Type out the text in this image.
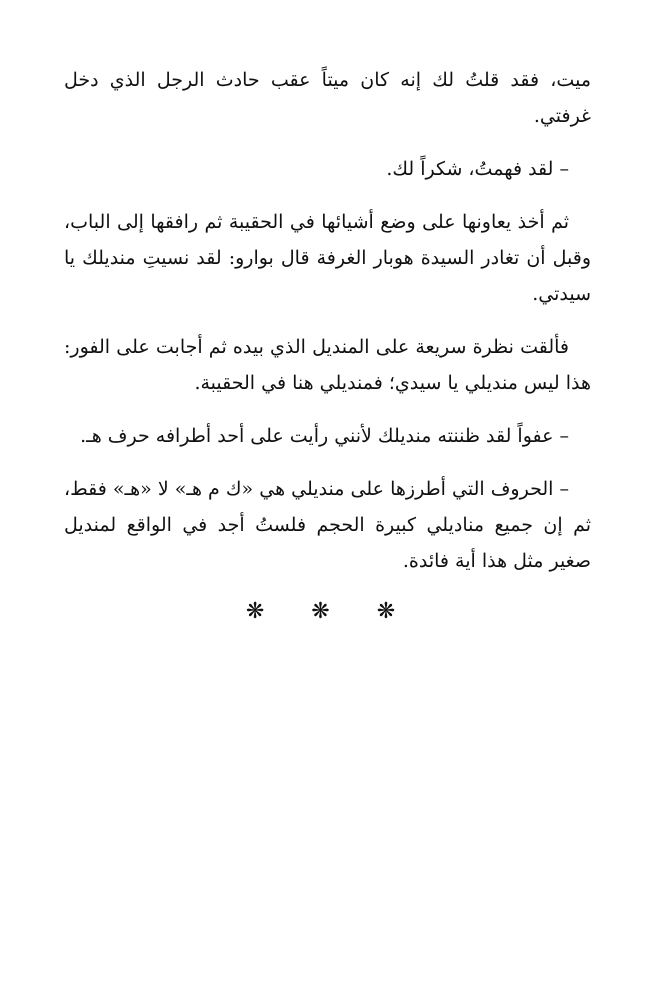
ميت، فقد قلتُ لك إنه كان ميتاً عقب حادث الرجل الذي دخل غرفتي.

– لقد فهمتُ، شكراً لك.

ثم أخذ يعاونها على وضع أشيائها في الحقيبة ثم رافقها إلى الباب، وقبل أن تغادر السيدة هوبار الغرفة قال بوارو: لقد نسيتِ منديلك يا سيدتي.

فألقت نظرة سريعة على المنديل الذي بيده ثم أجابت على الفور: هذا ليس منديلي يا سيدي؛ فمنديلي هنا في الحقيبة.

– عفواً لقد ظننته منديلك لأنني رأيت على أحد أطرافه حرف هـ.

– الحروف التي أطرزها على منديلي هي «ك م هـ» لا «هـ» فقط، ثم إن جميع مناديلي كبيرة الحجم فلستُ أجد في الواقع لمنديل صغير مثل هذا أية فائدة.

❋ ❋ ❋
